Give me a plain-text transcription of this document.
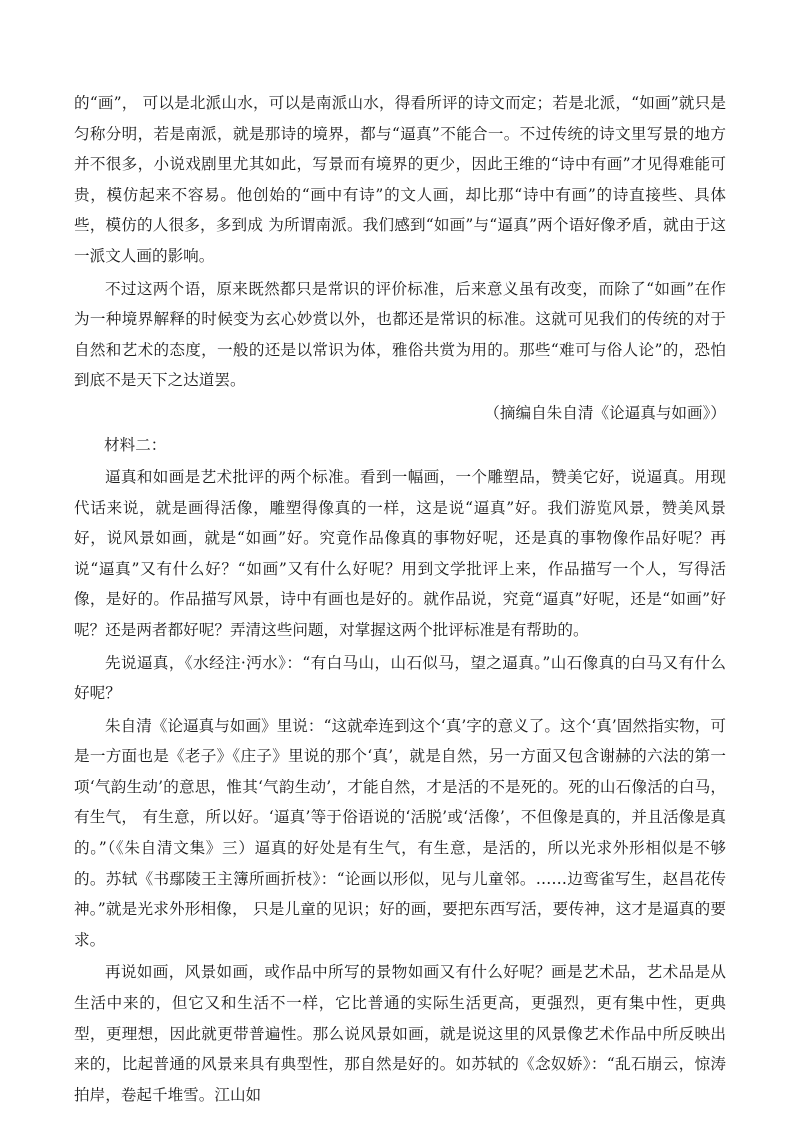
的“画”， 可以是北派山水，可以是南派山水，得看所评的诗文而定；若是北派，“如画”就只是匀称分明，若是南派，就是那诗的境界，都与“逼真”不能合一。不过传统的诗文里写景的地方并不很多，小说戏剧里尤其如此，写景而有境界的更少，因此王维的“诗中有画”才见得难能可贵，模仿起来不容易。他创始的“画中有诗”的文人画，却比那“诗中有画”的诗直接些、具体些，模仿的人很多，多到成 为所谓南派。我们感到“如画”与“逼真”两个语好像矛盾，就由于这一派文人画的影响。

不过这两个语，原来既然都只是常识的评价标准，后来意义虽有改变，而除了“如画”在作为一种境界解释的时候变为玄心妙赏以外，也都还是常识的标准。这就可见我们的传统的对于自然和艺术的态度，一般的还是以常识为体，雅俗共赏为用的。那些“难可与俗人论”的，恐怕到底不是天下之达道罢。

（摘编自朱自清《论逼真与如画》）

材料二：

逼真和如画是艺术批评的两个标准。看到一幅画，一个雕塑品，赞美它好，说逼真。用现代话来说，就是画得活像，雕塑得像真的一样，这是说“逼真”好。我们游览风景，赞美风景好，说风景如画，就是“如画”好。究竟作品像真的事物好呢，还是真的事物像作品好呢？再说“逼真”又有什么好？“如画”又有什么好呢？用到文学批评上来，作品描写一个人，写得活像，是好的。作品描写风景，诗中有画也是好的。就作品说，究竟“逼真”好呢，还是“如画”好呢？还是两者都好呢？弄清这些问题，对掌握这两个批评标准是有帮助的。

先说逼真，《水经注·沔水》：“有白马山，山石似马，望之逼真。”山石像真的白马又有什么好呢？

朱自清《论逼真与如画》里说：“这就牵连到这个‘真’字的意义了。这个‘真’固然指实物，可是一方面也是《老子》《庄子》里说的那个‘真’，就是自然，另一方面又包含谢赫的六法的第一项‘气韵生动’的意思，惟其‘气韵生动’，才能自然，才是活的不是死的。死的山石像活的白马，有生气， 有生意，所以好。‘逼真’等于俗语说的‘活脱’或‘活像’，不但像是真的，并且活像是真的。”（《朱自清文集》三）逼真的好处是有生气，有生意，是活的，所以光求外形相似是不够的。苏轼《书鄢陵王主簿所画折枝》：“论画以形似，见与儿童邻。……边鸾雀写生，赵昌花传神。”就是光求外形相像， 只是儿童的见识；好的画，要把东西写活，要传神，这才是逼真的要求。

再说如画，风景如画，或作品中所写的景物如画又有什么好呢？画是艺术品，艺术品是从生活中来的，但它又和生活不一样，它比普通的实际生活更高，更强烈，更有集中性，更典型，更理想，因此就更带普遍性。那么说风景如画，就是说这里的风景像艺术作品中所反映出来的，比起普通的风景来具有典型性，那自然是好的。如苏轼的《念奴娇》：“乱石崩云，惊涛拍岸，卷起千堆雪。江山如
